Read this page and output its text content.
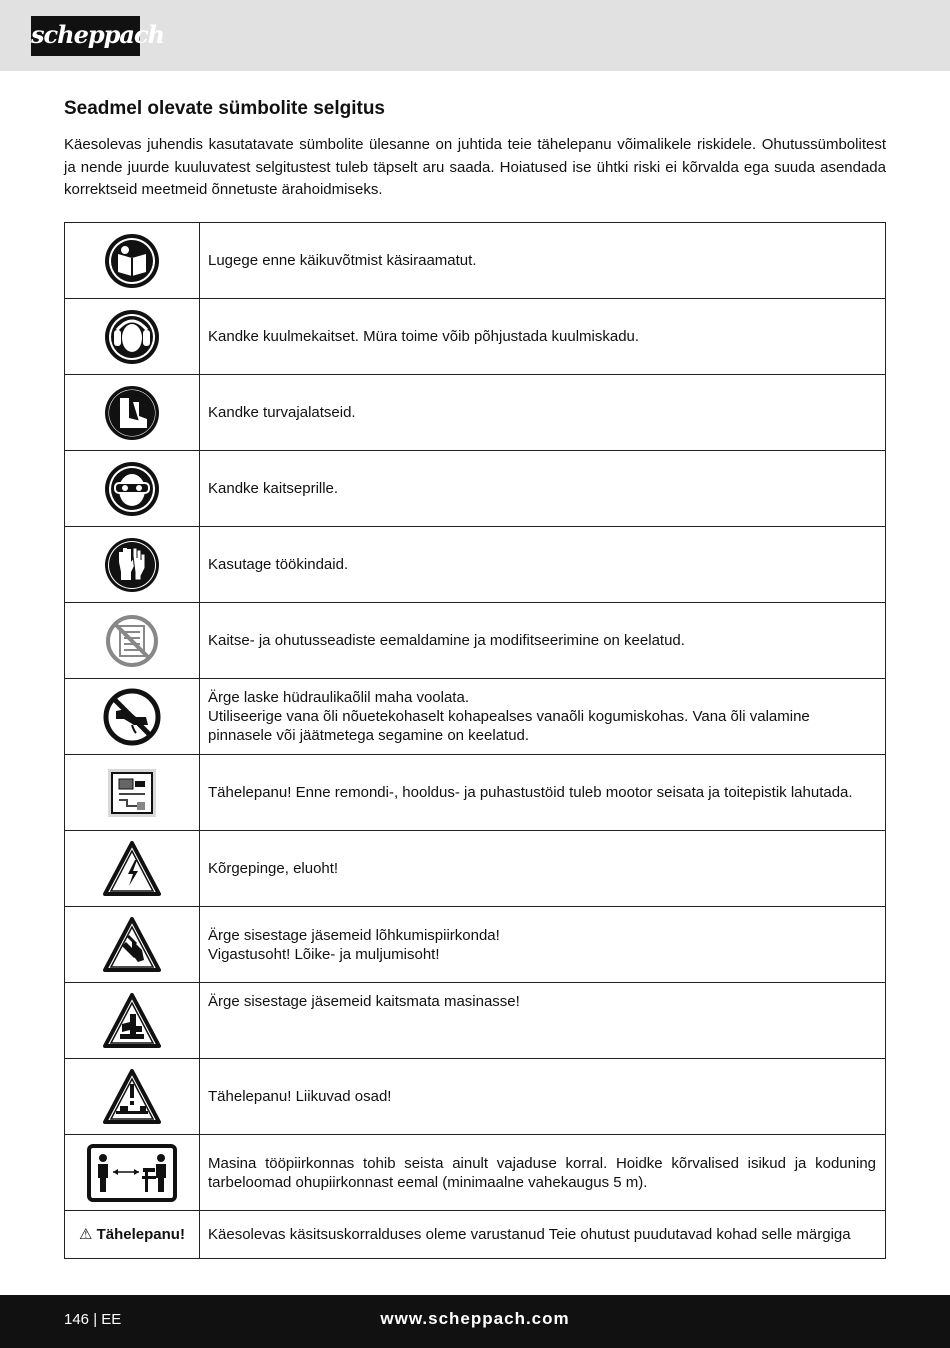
scheppach
Seadmel olevate sümbolite selgitus

Käesolevas juhendis kasutatavate sümbolite ülesanne on juhtida teie tähelepanu võimalikele riskidele. Ohutussümbolitest ja nende juurde kuuluvatest selgitustest tuleb täpselt aru saada. Hoiatused ise ühtki riski ei kõrvalda ega suuda asendada korrektseid meetmeid õnnetuste ärahoidmiseks.

Lugege enne käikuvõtmist käsiraamatut.

Kandke kuulmekaitset. Müra toime võib põhjustada kuulmiskadu.

Kandke turvajalatseid.

Kandke kaitseprille.

Kasutage töökindaid.

Kaitse- ja ohutusseadiste eemaldamine ja modifitseerimine on keelatud.

Ärge laske hüdraulikaõlil maha voolata.
Utiliseerige vana õli nõuetekohaselt kohapealses vanaõli kogumiskohas. Vana õli valamine pinnasele või jäätmetega segamine on keelatud.

Tähelepanu! Enne remondi-, hooldus- ja puhastustöid tuleb mootor seisata ja toitepistik lahutada.

Kõrgepinge, eluoht!

Ärge sisestage jäsemeid lõhkumispiirkonda!
Vigastusoht! Lõike- ja muljumisoht!

Ärge sisestage jäsemeid kaitsmata masinasse!

Tähelepanu! Liikuvad osad!

Masina tööpiirkonnas tohib seista ainult vajaduse korral. Hoidke kõrvalised isikud ja koduning tarbeloomad ohupiirkonnast eemal (minimaalne vahekaugus 5 m).

⚠ Tähelepanu!	Käesolevas käsitsuskorralduses oleme varustanud Teie ohutust puudutavad kohad selle märgiga
146 | EE	www.scheppach.com
